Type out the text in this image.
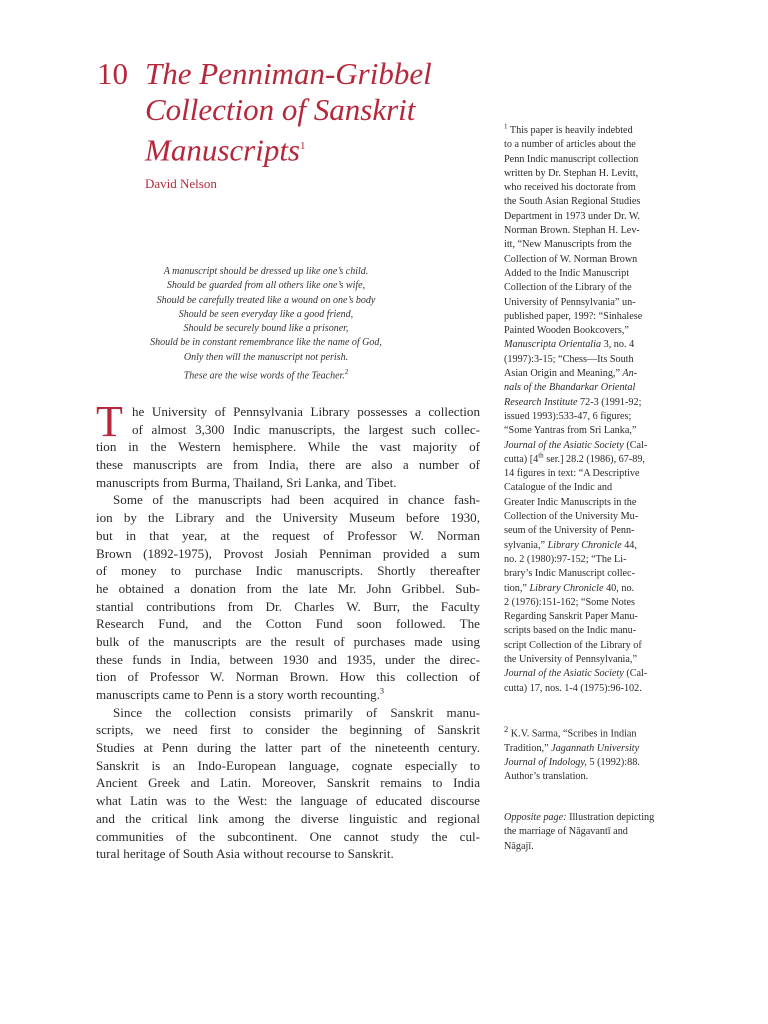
10 The Penniman-Gribbel
Collection of Sanskrit
Manuscripts$^1$
David Nelson
A manuscript should be dressed up like one’s child.
Should be guarded from all others like one’s wife,
Should be carefully treated like a wound on one’s body
Should be seen everyday like a good friend,
Should be securely bound like a prisoner,
Should be in constant remembrance like the name of God,
Only then will the manuscript not perish.
These are the wise words of the Teacher.$^2$
T he University of Pennsylvania Library possesses a collection
of almost 3,300 Indic manuscripts, the largest such collec-
tion in the Western hemisphere. While the vast majority of
these manuscripts are from India, there are also a number of
manuscripts from Burma, Thailand, Sri Lanka, and Tibet.
Some of the manuscripts had been acquired in chance fash-
ion by the Library and the University Museum before 1930,
but in that year, at the request of Professor W. Norman
Brown (1892-1975), Provost Josiah Penniman provided a sum
of money to purchase Indic manuscripts. Shortly thereafter
he obtained a donation from the late Mr. John Gribbel. Sub-
stantial contributions from Dr. Charles W. Burr, the Faculty
Research Fund, and the Cotton Fund soon followed. The
bulk of the manuscripts are the result of purchases made using
these funds in India, between 1930 and 1935, under the direc-
tion of Professor W. Norman Brown. How this collection of
manuscripts came to Penn is a story worth recounting.$^3$
Since the collection consists primarily of Sanskrit manu-
scripts, we need first to consider the beginning of Sanskrit
Studies at Penn during the latter part of the nineteenth century.
Sanskrit is an Indo-European language, cognate especially to
Ancient Greek and Latin. Moreover, Sanskrit remains to India
what Latin was to the West: the language of educated discourse
and the critical link among the diverse linguistic and regional
communities of the subcontinent. One cannot study the cul-
tural heritage of South Asia without recourse to Sanskrit.
$^1$ This paper is heavily indebted
to a number of articles about the
Penn Indic manuscript collection
written by Dr. Stephan H. Levitt,
who received his doctorate from
the South Asian Regional Studies
Department in 1973 under Dr. W.
Norman Brown. Stephan H. Lev-
itt, “New Manuscripts from the
Collection of W. Norman Brown
Added to the Indic Manuscript
Collection of the Library of the
University of Pennsylvania” un-
published paper, 199?: “Sinhalese
Painted Wooden Bookcovers,”
Manuscripta Orientalia 3, no. 4
(1997):3-15; “Chess—Its South
Asian Origin and Meaning,” An-
nals of the Bhandarkar Oriental
Research Institute 72-3 (1991-92;
issued 1993):533-47, 6 figures;
“Some Yantras from Sri Lanka,”
Journal of the Asiatic Society (Cal-
cutta) [4th ser.] 28.2 (1986), 67-89,
14 figures in text: “A Descriptive
Catalogue of the Indic and
Greater Indic Manuscripts in the
Collection of the University Mu-
seum of the University of Penn-
sylvania,” Library Chronicle 44,
no. 2 (1980):97-152; “The Li-
brary’s Indic Manuscript collec-
tion,” Library Chronicle 40, no.
2 (1976):151-162; “Some Notes
Regarding Sanskrit Paper Manu-
scripts based on the Indic manu-
script Collection of the Library of
the University of Pennsylvania,”
Journal of the Asiatic Society (Cal-
cutta) 17, nos. 1-4 (1975):96-102.
$^2$ K.V. Sarma, “Scribes in Indian
Tradition,” Jagannath University
Journal of Indology, 5 (1992):88.
Author’s translation.
Opposite page: Illustration depicting
the marriage of Nāgavantī and
Nāgajī.
